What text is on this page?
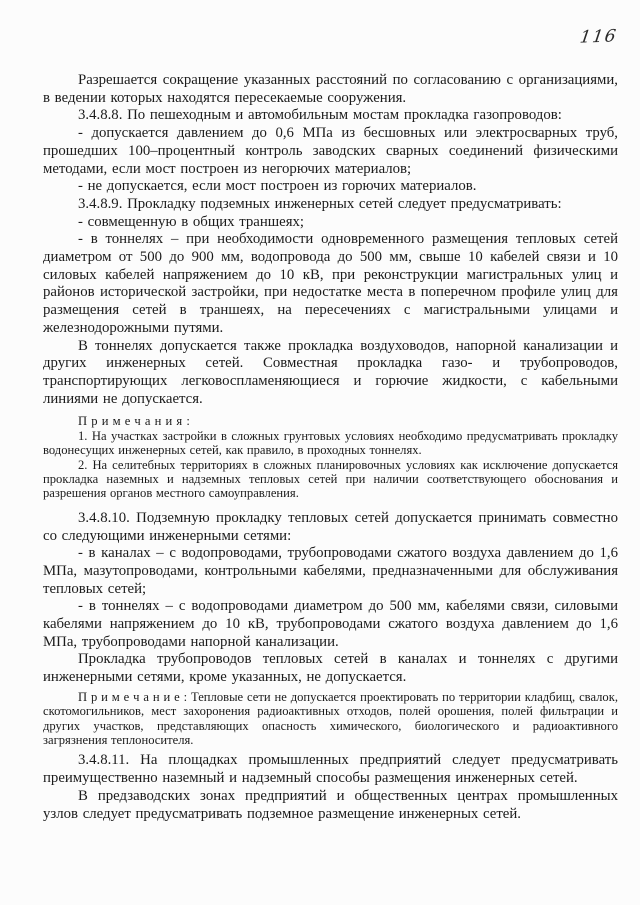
116

Разрешается сокращение указанных расстояний по согласованию с организациями, в ведении которых находятся пересекаемые сооружения.

3.4.8.8. По пешеходным и автомобильным мостам прокладка газопроводов:

- допускается давлением до 0,6 МПа из бесшовных или электросварных труб, прошедших 100–процентный контроль заводских сварных соединений физическими методами, если мост построен из негорючих материалов;

- не допускается, если мост построен из горючих материалов.

3.4.8.9. Прокладку подземных инженерных сетей следует предусматривать:

- совмещенную в общих траншеях;

- в тоннелях – при необходимости одновременного размещения тепловых сетей диаметром от 500 до 900 мм, водопровода до 500 мм, свыше 10 кабелей связи и 10 силовых кабелей напряжением до 10 кВ, при реконструкции магистральных улиц и районов исторической застройки, при недостатке места в поперечном профиле улиц для размещения сетей в траншеях, на пересечениях с магистральными улицами и железнодорожными путями.

В тоннелях допускается также прокладка воздуховодов, напорной канализации и других инженерных сетей. Совместная прокладка газо- и трубопроводов, транспортирующих легковоспламеняющиеся и горючие жидкости, с кабельными линиями не допускается.

П р и м е ч а н и я :

1. На участках застройки в сложных грунтовых условиях необходимо предусматривать прокладку водонесущих инженерных сетей, как правило, в проходных тоннелях.

2. На селитебных территориях в сложных планировочных условиях как исключение допускается прокладка наземных и надземных тепловых сетей при наличии соответствующего обоснования и разрешения органов местного самоуправления.

3.4.8.10. Подземную прокладку тепловых сетей допускается принимать совместно со следующими инженерными сетями:

- в каналах – с водопроводами, трубопроводами сжатого воздуха давлением до 1,6 МПа, мазутопроводами, контрольными кабелями, предназначенными для обслуживания тепловых сетей;

- в тоннелях – с водопроводами диаметром до 500 мм, кабелями связи, силовыми кабелями напряжением до 10 кВ, трубопроводами сжатого воздуха давлением до 1,6 МПа, трубопроводами напорной канализации.

Прокладка трубопроводов тепловых сетей в каналах и тоннелях с другими инженерными сетями, кроме указанных, не допускается.

П р и м е ч а н и е : Тепловые сети не допускается проектировать по территории кладбищ, свалок, скотомогильников, мест захоронения радиоактивных отходов, полей орошения, полей фильтрации и других участков, представляющих опасность химического, биологического и радиоактивного загрязнения теплоносителя.

3.4.8.11. На площадках промышленных предприятий следует предусматривать преимущественно наземный и надземный способы размещения инженерных сетей.

В предзаводских зонах предприятий и общественных центрах промышленных узлов следует предусматривать подземное размещение инженерных сетей.
